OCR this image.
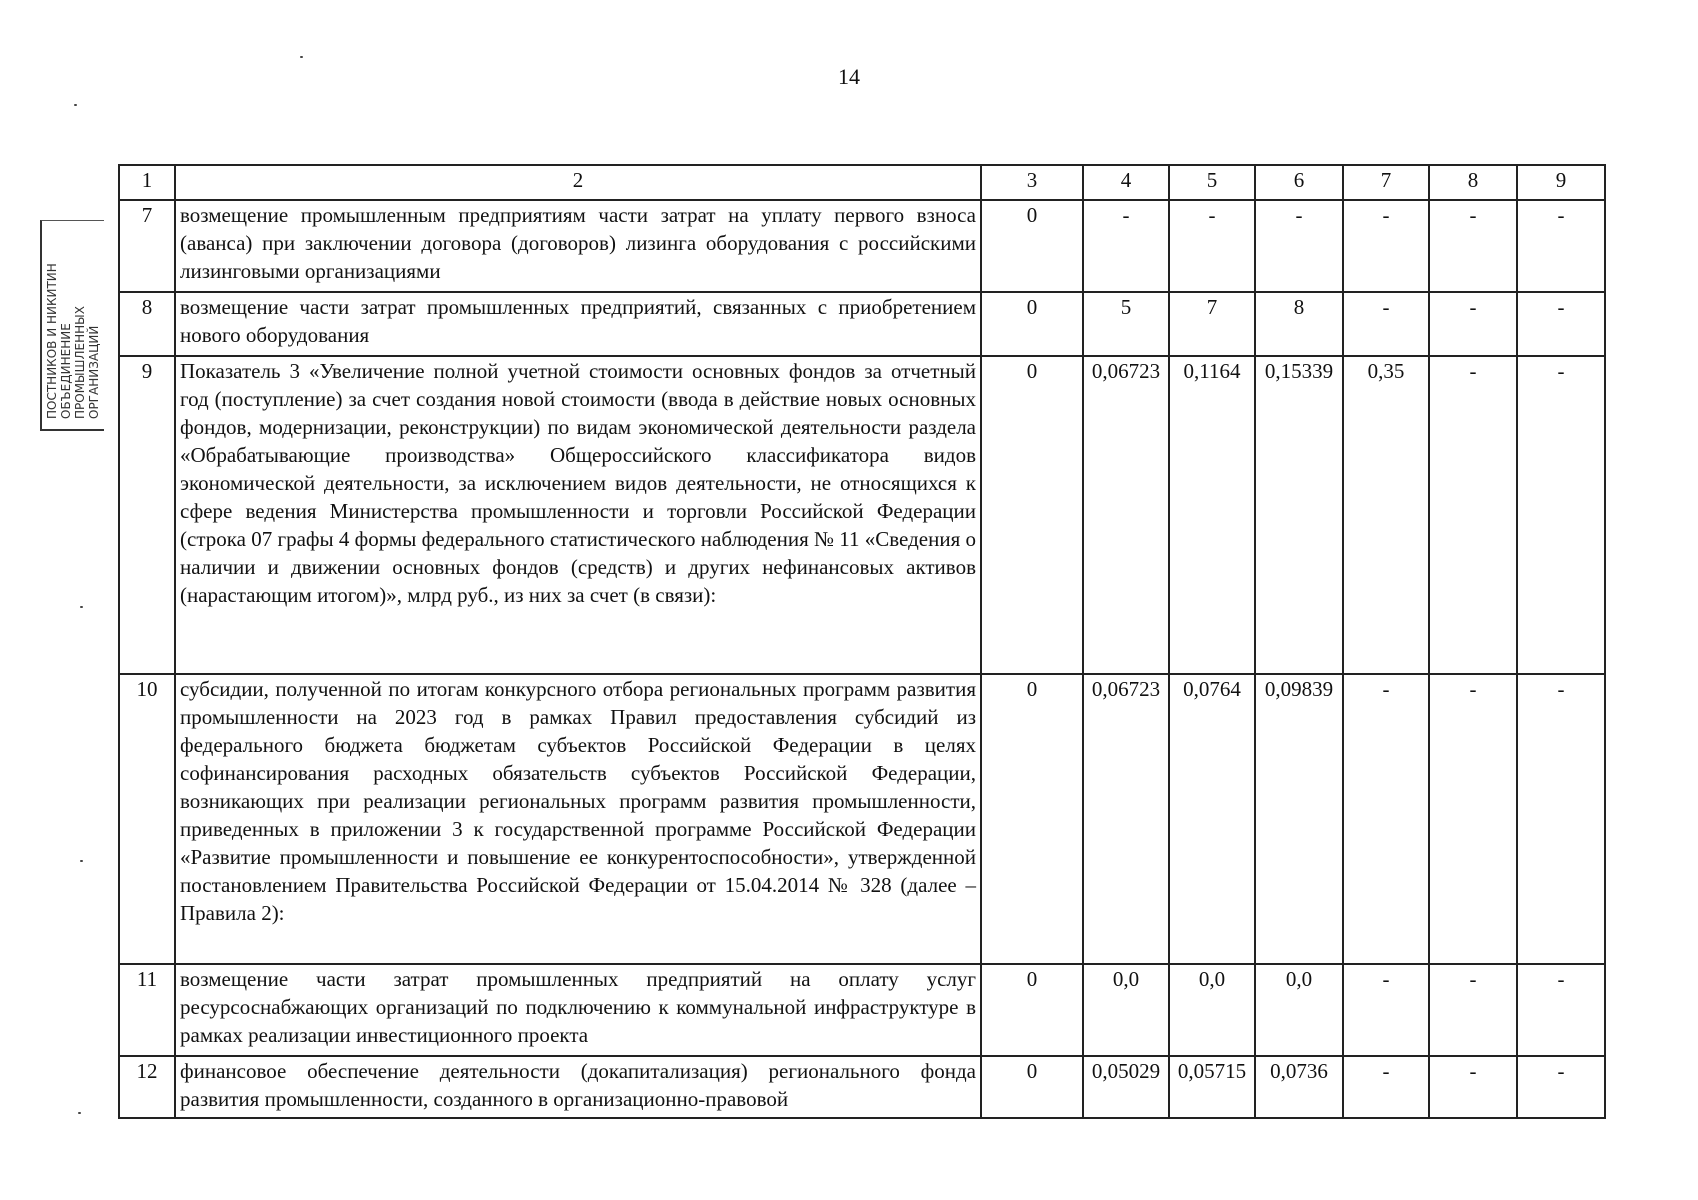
14
ПОСТНИКОВ И НИКИТИН ОБЪЕДИНЕНИЕ ПРОМЫШЛЕННЫХ ОРГАНИЗАЦИЙ
1	2	3	4	5	6	7	8	9
7	возмещение промышленным предприятиям части затрат на уплату первого взноса (аванса) при заключении договора (договоров) лизинга оборудования с российскими лизинговыми организациями	0	-	-	-	-	-	-
8	возмещение части затрат промышленных предприятий, связанных с приобретением нового оборудования	0	5	7	8	-	-	-
9	Показатель 3 «Увеличение полной учетной стоимости основных фондов за отчетный год (поступление) за счет создания новой стоимости (ввода в действие новых основных фондов, модернизации, реконструкции) по видам экономической деятельности раздела «Обрабатывающие производства» Общероссийского классификатора видов экономической деятельности, за исключением видов деятельности, не относящихся к сфере ведения Министерства промышленности и торговли Российской Федерации (строка 07 графы 4 формы федерального статистического наблюдения № 11 «Сведения о наличии и движении основных фондов (средств) и других нефинансовых активов (нарастающим итогом)», млрд руб., из них за счет (в связи):	0	0,06723	0,1164	0,15339	0,35	-	-
10	субсидии, полученной по итогам конкурсного отбора региональных программ развития промышленности на 2023 год в рамках Правил предоставления субсидий из федерального бюджета бюджетам субъектов Российской Федерации в целях софинансирования расходных обязательств субъектов Российской Федерации, возникающих при реализации региональных программ развития промышленности, приведенных в приложении 3 к государственной программе Российской Федерации «Развитие промышленности и повышение ее конкурентоспособности», утвержденной постановлением Правительства Российской Федерации от 15.04.2014 № 328 (далее – Правила 2):	0	0,06723	0,0764	0,09839	-	-	-
11	возмещение части затрат промышленных предприятий на оплату услуг ресурсоснабжающих организаций по подключению к коммунальной инфраструктуре в рамках реализации инвестиционного проекта	0	0,0	0,0	0,0	-	-	-
12	финансовое обеспечение деятельности (докапитализация) регионального фонда развития промышленности, созданного в организационно-правовой	0	0,05029	0,05715	0,0736	-	-	-
